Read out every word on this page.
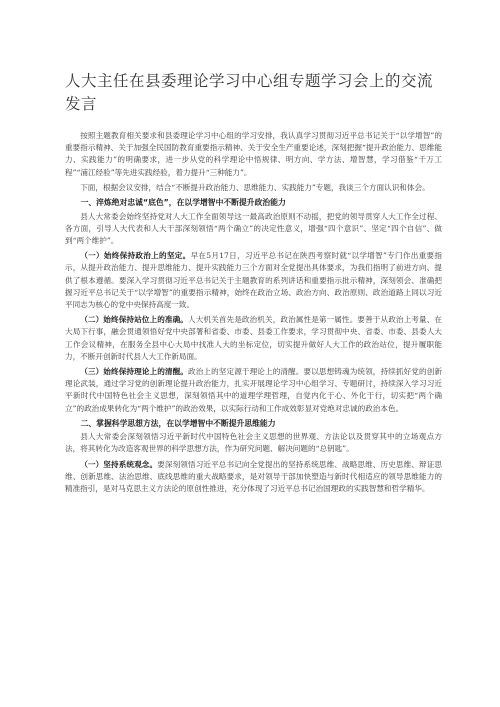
人大主任在县委理论学习中心组专题学习会上的交流发言

按照主题教育相关要求和县委理论学习中心组的学习安排，我认真学习贯彻习近平总书记关于“以学增智”的重要指示精神、关于加强全民国防教育重要指示精神、关于安全生产重要论述，深刻把握“提升政治能力、思维能力、实践能力”的明确要求，进一步从党的科学理论中悟规律、明方向、学方法、增智慧，学习借鉴“千万工程”“浦江经验”等先进实践经验，着力提升“三种能力”。

下面，根据会议安排，结合“不断提升政治能力、思维能力、实践能力”专题，我谈三个方面认识和体会。

一、淬炼绝对忠诚“底色”，在以学增智中不断提升政治能力

县人大常委会始终坚持党对人大工作全面领导这一最高政治原则不动摇，把党的领导贯穿人大工作全过程、各方面，引导人大代表和人大干部深刻领悟“两个确立”的决定性意义，增强“四个意识”、坚定“四个自信”、做到“两个维护”。

（一）始终保持政治上的坚定。早在5月17日，习近平总书记在陕西考察时就“以学增智”专门作出重要指示，从提升政治能力、提升思维能力、提升实践能力三个方面对全党提出具体要求，为我们指明了前进方向、提供了根本遵循。要深入学习贯彻习近平总书记关于主题教育的系列讲话和重要指示批示精神，深刻领会、准确把握习近平总书记关于“以学增智”的重要指示精神，始终在政治立场、政治方向、政治原则、政治道路上同以习近平同志为核心的党中央保持高度一致。

（二）始终保持站位上的准确。人大机关首先是政治机关，政治属性是第一属性。要善于从政治上考量、在大局下行事，融会贯通领悟好党中央部署和省委、市委、县委工作要求，学习贯彻中央、省委、市委、县委人大工作会议精神，在服务全县中心大局中找准人大的坐标定位，切实提升做好人大工作的政治站位，提升履职能力，不断开创新时代县人大工作新局面。

（三）始终保持理论上的清醒。政治上的坚定源于理论上的清醒。要以思想铸魂为统领，持续抓好党的创新理论武装，通过学习党的创新理论提升政治能力，扎实开展理论学习中心组学习、专题研讨，持续深入学习习近平新时代中国特色社会主义思想，深刻领悟其中的道理学理哲理，自觉内化于心、外化于行，切实把“两个确立”的政治成果转化为“两个维护”的政治效果，以实际行动和工作成效彰显对党绝对忠诚的政治本色。

二、掌握科学思想方法，在以学增智中不断提升思维能力

县人大常委会深刻领悟习近平新时代中国特色社会主义思想的世界观、方法论以及贯穿其中的立场观点方法，将其转化为改造客观世界的科学思想方法，作为研究问题、解决问题的“总钥匙”。

（一）坚持系统观念。要深刻领悟习近平总书记向全党提出的坚持系统思维、战略思维、历史思维、辩证思维、创新思维、法治思维、底线思维的重大战略要求，是对领导干部加快塑造与新时代相适应的领导思维能力的精准指引，是对马克思主义方法论的原创性推进，充分体现了习近平总书记治国理政的实践智慧和哲学精华。
